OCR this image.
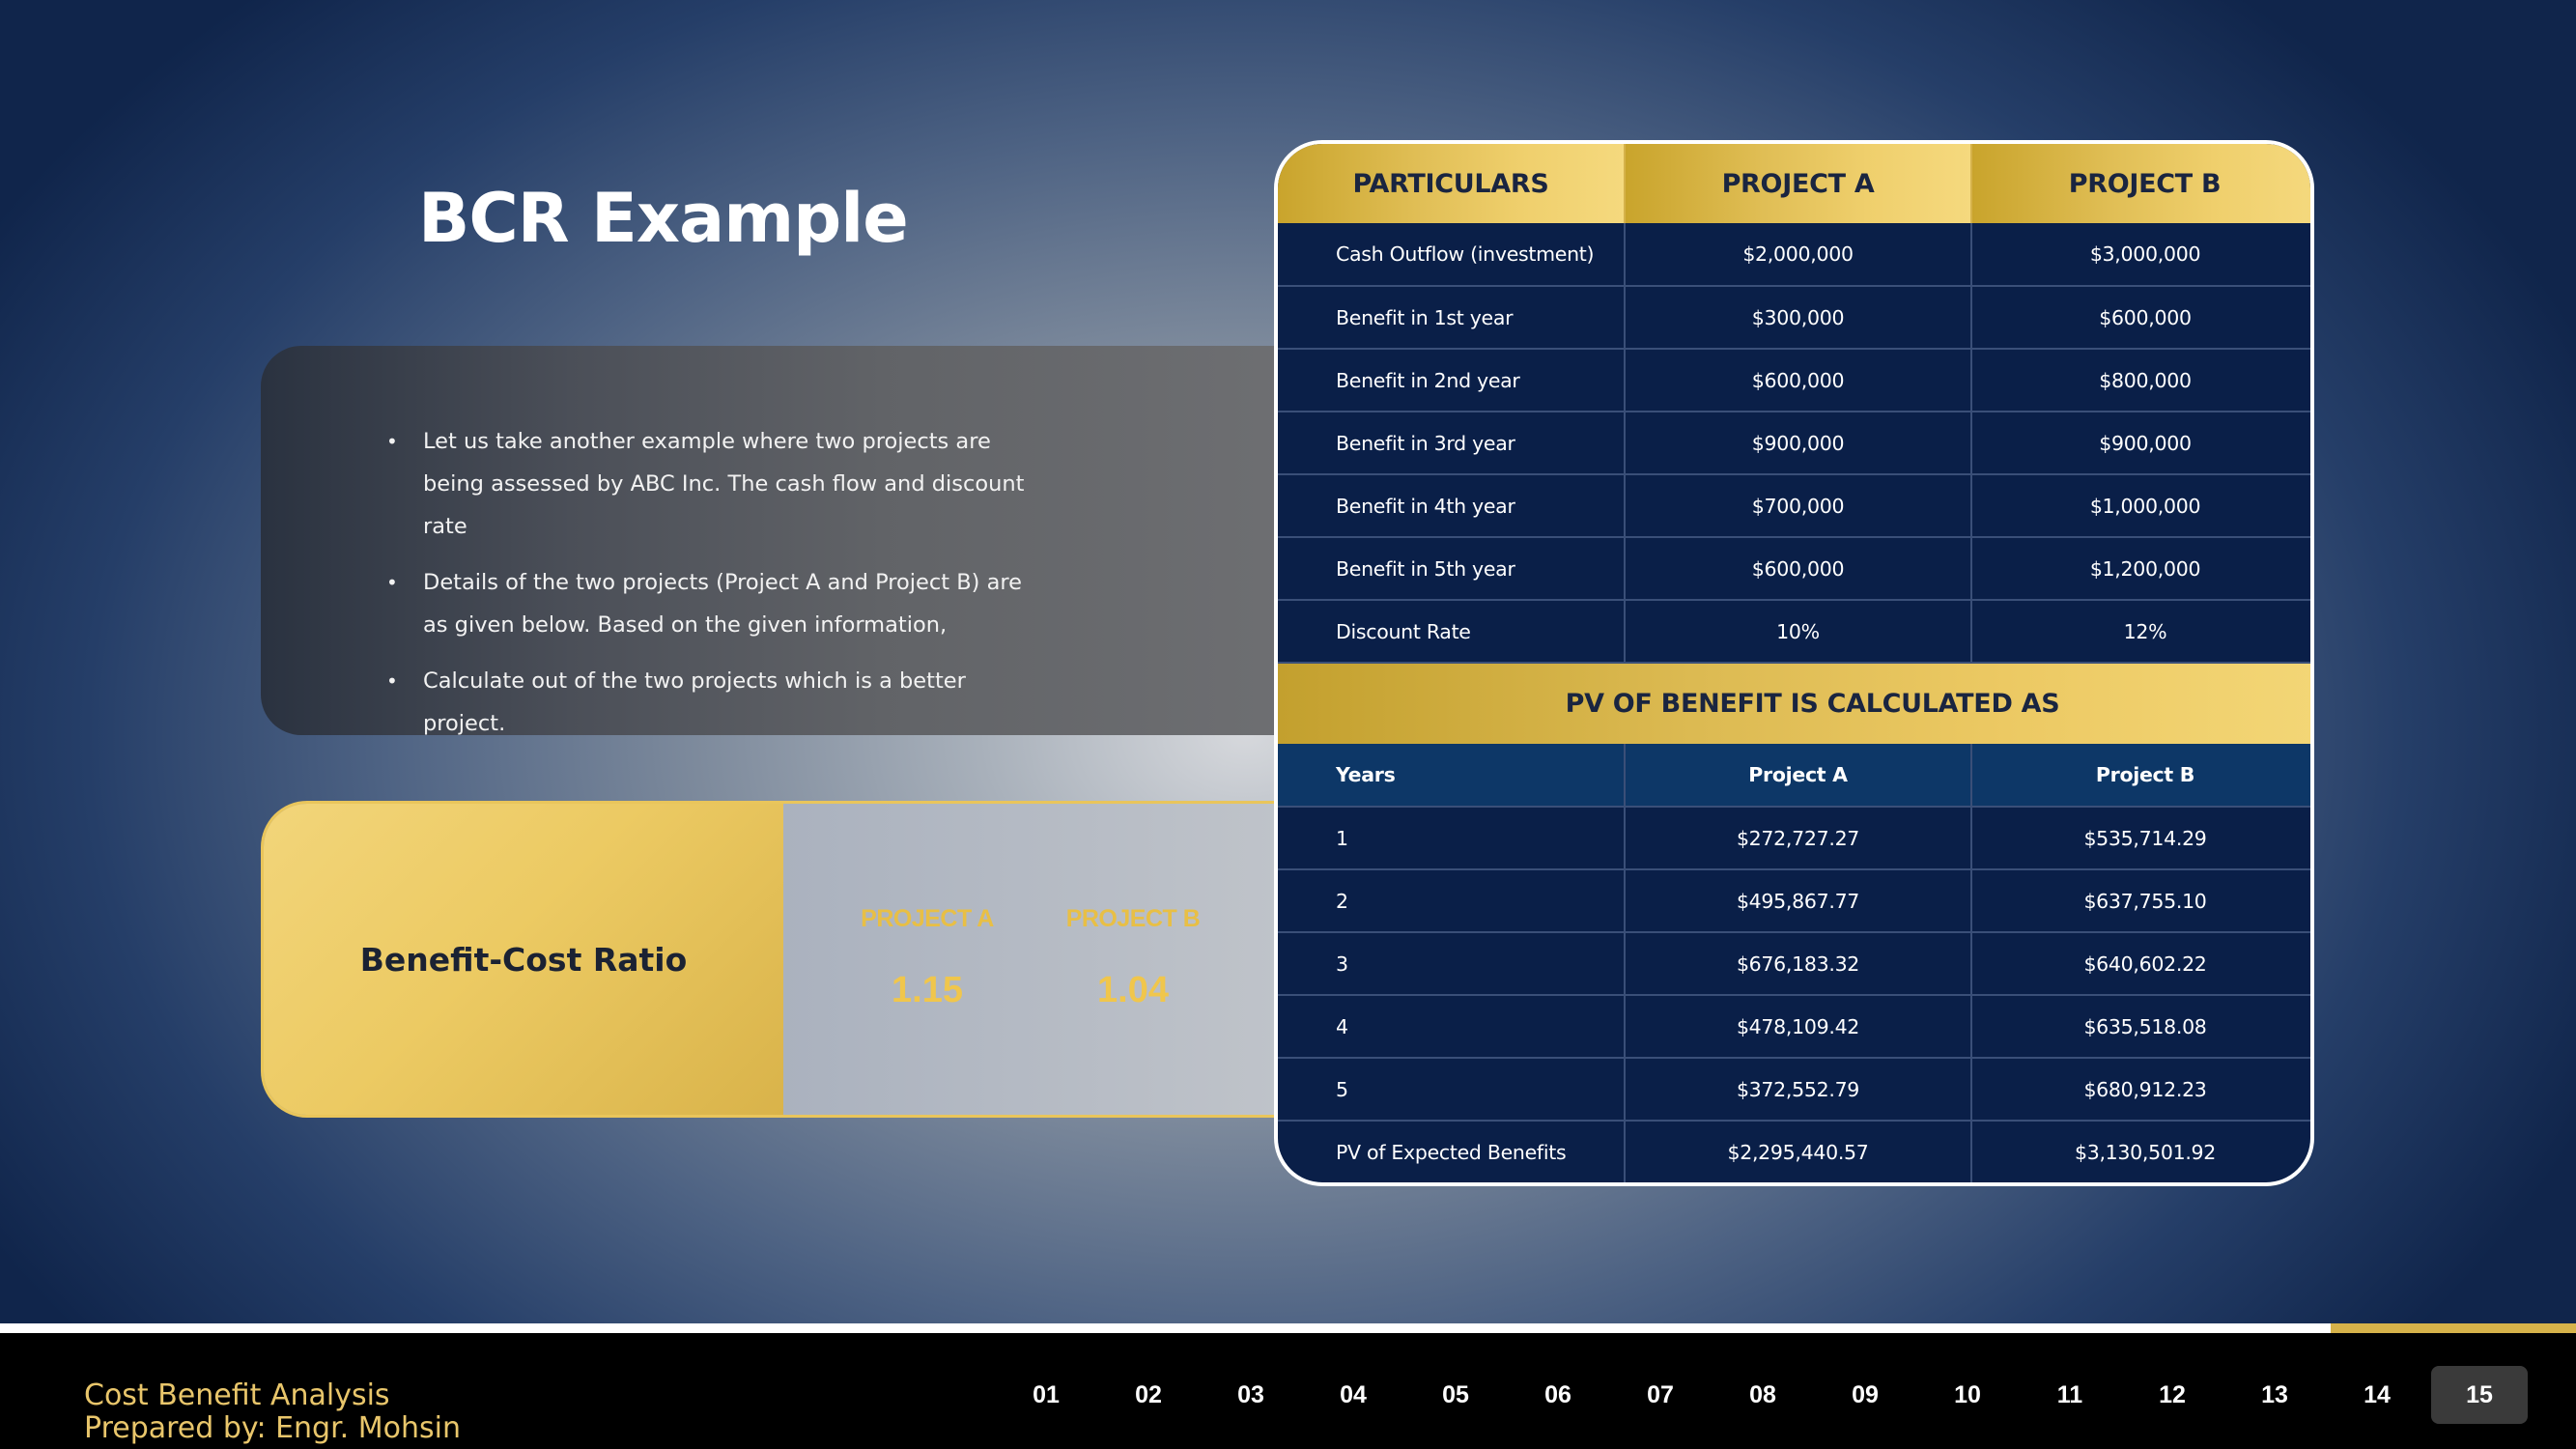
BCR Example
• Let us take another example where two projects are being assessed by ABC Inc. The cash flow and discount rate
• Details of the two projects (Project A and Project B) are as given below. Based on the given information,
• Calculate out of the two projects which is a better project.
Benefit-Cost Ratio
PROJECT A
1.15
PROJECT B
1.04
PARTICULARS	PROJECT A	PROJECT B
Cash Outflow (investment)	$2,000,000	$3,000,000
Benefit in 1st year	$300,000	$600,000
Benefit in 2nd year	$600,000	$800,000
Benefit in 3rd year	$900,000	$900,000
Benefit in 4th year	$700,000	$1,000,000
Benefit in 5th year	$600,000	$1,200,000
Discount Rate	10%	12%
PV OF BENEFIT IS CALCULATED AS		
Years	Project A	Project B
1	$272,727.27	$535,714.29
2	$495,867.77	$637,755.10
3	$676,183.32	$640,602.22
4	$478,109.42	$635,518.08
5	$372,552.79	$680,912.23
PV of Expected Benefits	$2,295,440.57	$3,130,501.92
Cost Benefit Analysis
Prepared by: Engr. Mohsin
01	02	03	04	05	06	07	08	09	10	11	12	13	14	15
